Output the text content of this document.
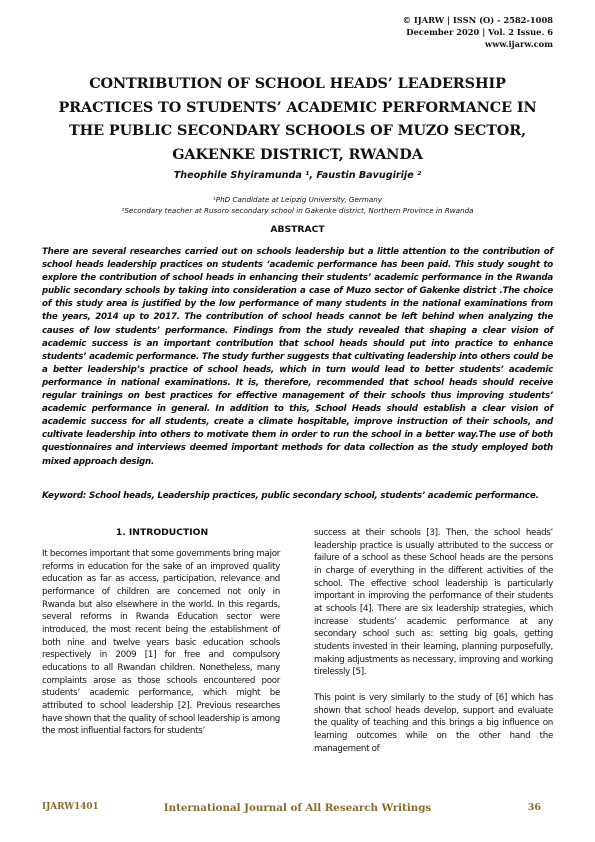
© IJARW | ISSN (O) - 2582-1008
December 2020 | Vol. 2 Issue. 6
www.ijarw.com
CONTRIBUTION OF SCHOOL HEADS’ LEADERSHIP PRACTICES TO STUDENTS’ ACADEMIC PERFORMANCE IN THE PUBLIC SECONDARY SCHOOLS OF MUZO SECTOR, GAKENKE DISTRICT, RWANDA
Theophile Shyiramunda ¹, Faustin Bavugirije ²
¹PhD Candidate at Leipzig University, Germany
²Secondary teacher at Rusoro secondary school in Gakenke district, Northern Province in Rwanda
ABSTRACT

There are several researches carried out on schools leadership but a little attention to the contribution of school heads leadership practices on students ‘academic performance has been paid. This study sought to explore the contribution of school heads in enhancing their students’ academic performance in the Rwanda public secondary schools by taking into consideration a case of Muzo sector of Gakenke district .The choice of this study area is justified by the low performance of many students in the national examinations from the years, 2014 up to 2017. The contribution of school heads cannot be left behind when analyzing the causes of low students’ performance. Findings from the study revealed that shaping a clear vision of academic success is an important contribution that school heads should put into practice to enhance students’ academic performance. The study further suggests that cultivating leadership into others could be a better leadership’s practice of school heads, which in turn would lead to better students’ academic performance in national examinations. It is, therefore, recommended that school heads should receive regular trainings on best practices for effective management of their schools thus improving students’ academic performance in general. In addition to this, School Heads should establish a clear vision of academic success for all students, create a climate hospitable, improve instruction of their schools, and cultivate leadership into others to motivate them in order to run the school in a better way.The use of both questionnaires and interviews deemed important methods for data collection as the study employed both mixed approach design.

Keyword: School heads, Leadership practices, public secondary school, students’ academic performance.

1. INTRODUCTION

It becomes important that some governments bring major reforms in education for the sake of an improved quality education as far as access, participation, relevance and performance of children are concerned not only in Rwanda but also elsewhere in the world. In this regards, several reforms in Rwanda Education sector were introduced, the most recent being the establishment of both nine and twelve years basic education schools respectively in 2009 [1] for free and compulsory educations to all Rwandan children. Nonetheless, many complaints arose as those schools encountered poor students’ academic performance, which might be attributed to school leadership [2]. Previous researches have shown that the quality of school leadership is among the most influential factors for students’

success at their schools [3]. Then, the school heads’ leadership practice is usually attributed to the success or failure of a school as these School heads are the persons in charge of everything in the different activities of the school. The effective school leadership is particularly important in improving the performance of their students at schools [4]. There are six leadership strategies, which increase students’ academic performance at any secondary school such as: setting big goals, getting students invested in their learning, planning purposefully, making adjustments as necessary, improving and working tirelessly [5].

This point is very similarly to the study of [6] which has shown that school heads develop, support and evaluate the quality of teaching and this brings a big influence on learning outcomes while on the other hand the management of

IJARW1401	International Journal of All Research Writings	36
